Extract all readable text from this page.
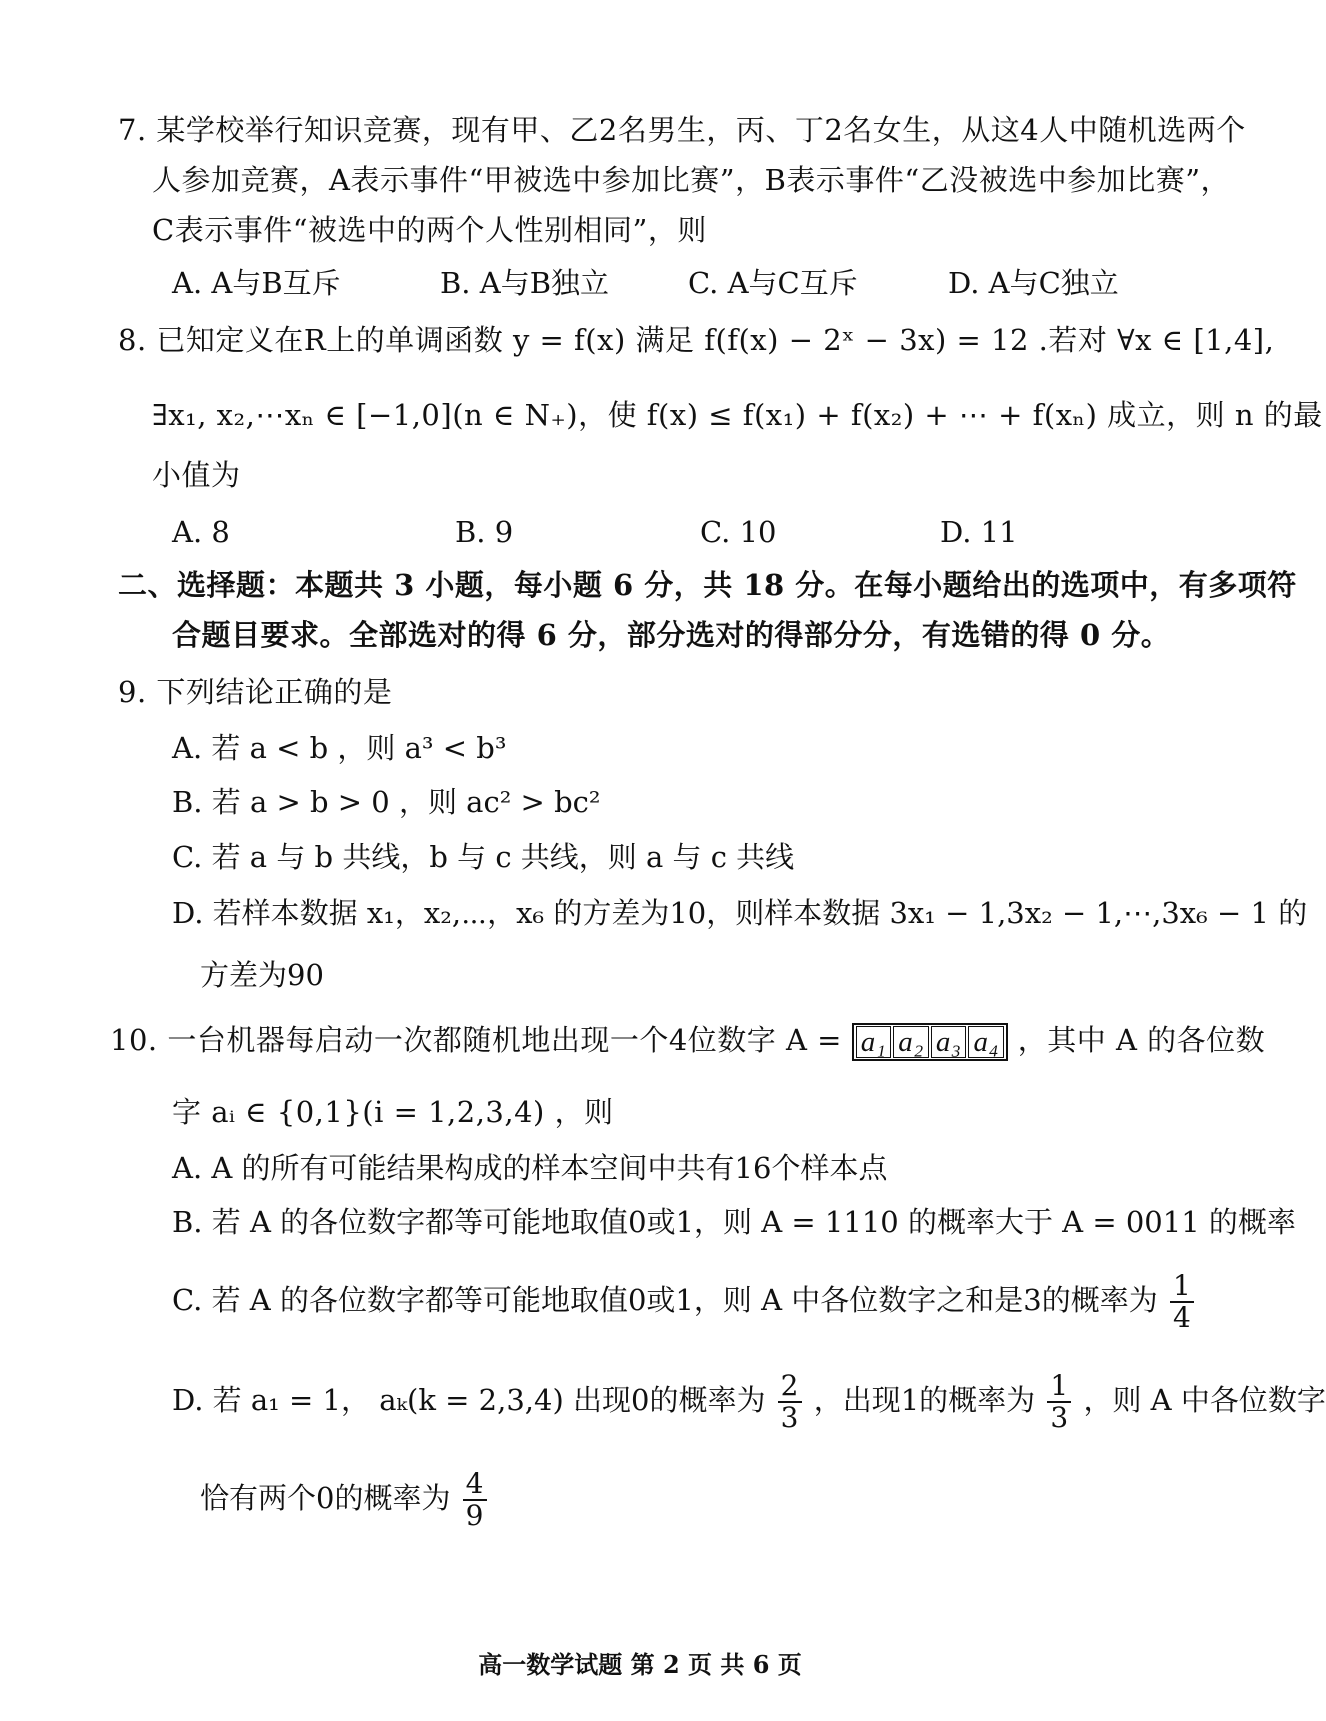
7. 某学校举行知识竞赛，现有甲、乙2名男生，丙、丁2名女生，从这4人中随机选两个
人参加竞赛，A表示事件“甲被选中参加比赛”，B表示事件“乙没被选中参加比赛”，
C表示事件“被选中的两个人性别相同”，则
A. A与B互斥	B. A与B独立	C. A与C互斥	D. A与C独立
8. 已知定义在R上的单调函数 y = f(x) 满足 f(f(x) − 2ˣ − 3x) = 12 .若对 ∀x ∈ [1,4],
∃x₁, x₂,⋯xₙ ∈ [−1,0](n ∈ N₊)，使 f(x) ≤ f(x₁) + f(x₂) + ⋯ + f(xₙ) 成立，则 n 的最
小值为
A. 8	B. 9	C. 10	D. 11
二、选择题：本题共 3 小题，每小题 6 分，共 18 分。在每小题给出的选项中，有多项符
合题目要求。全部选对的得 6 分，部分选对的得部分分，有选错的得 0 分。
9. 下列结论正确的是
A. 若 a < b ，则 a³ < b³
B. 若 a > b > 0 ，则 ac² > bc²
C. 若 a 与 b 共线，b 与 c 共线，则 a 与 c 共线
D. 若样本数据 x₁，x₂,⋯，x₆ 的方差为10，则样本数据 3x₁ − 1,3x₂ − 1,⋯,3x₆ − 1 的
方差为90
10. 一台机器每启动一次都随机地出现一个4位数字 A = a₁ a₂ a₃ a₄ ，其中 A 的各位数
字 aᵢ ∈ {0,1}(i = 1,2,3,4) ，则
A. A 的所有可能结果构成的样本空间中共有16个样本点
B. 若 A 的各位数字都等可能地取值0或1，则 A = 1110 的概率大于 A = 0011 的概率
C. 若 A 的各位数字都等可能地取值0或1，则 A 中各位数字之和是3的概率为 $\frac{1}{4}$
D. 若 a₁ = 1， aₖ(k = 2,3,4) 出现0的概率为 $\frac{2}{3}$ ，出现1的概率为 $\frac{1}{3}$ ，则 A 中各位数字
恰有两个0的概率为 $\frac{4}{9}$
高一数学试题 第 2 页 共 6 页
